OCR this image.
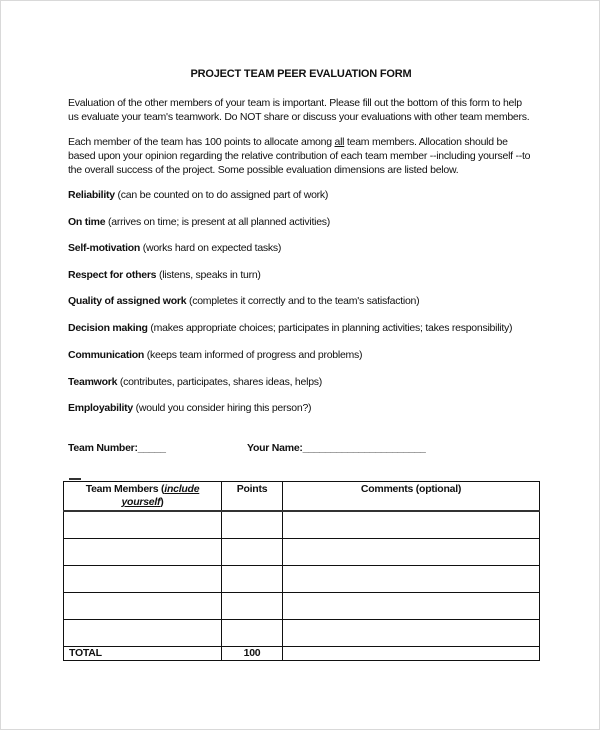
PROJECT TEAM PEER EVALUATION FORM
Evaluation of the other members of your team is important. Please fill out the bottom of this form to help
us evaluate your team's teamwork. Do NOT share or discuss your evaluations with other team members.
Each member of the team has 100 points to allocate among all team members. Allocation should be
based upon your opinion regarding the relative contribution of each team member --including yourself --to
the overall success of the project. Some possible evaluation dimensions are listed below.
Reliability (can be counted on to do assigned part of work)
On time (arrives on time; is present at all planned activities)
Self-motivation (works hard on expected tasks)
Respect for others (listens, speaks in turn)
Quality of assigned work (completes it correctly and to the team's satisfaction)
Decision making (makes appropriate choices; participates in planning activities; takes responsibility)
Communication (keeps team informed of progress and problems)
Teamwork (contributes, participates, shares ideas, helps)
Employability (would you consider hiring this person?)
Team Number:_____	Your Name:______________________
Team Members (include
yourself)	Points	Comments (optional)

TOTAL	100	
